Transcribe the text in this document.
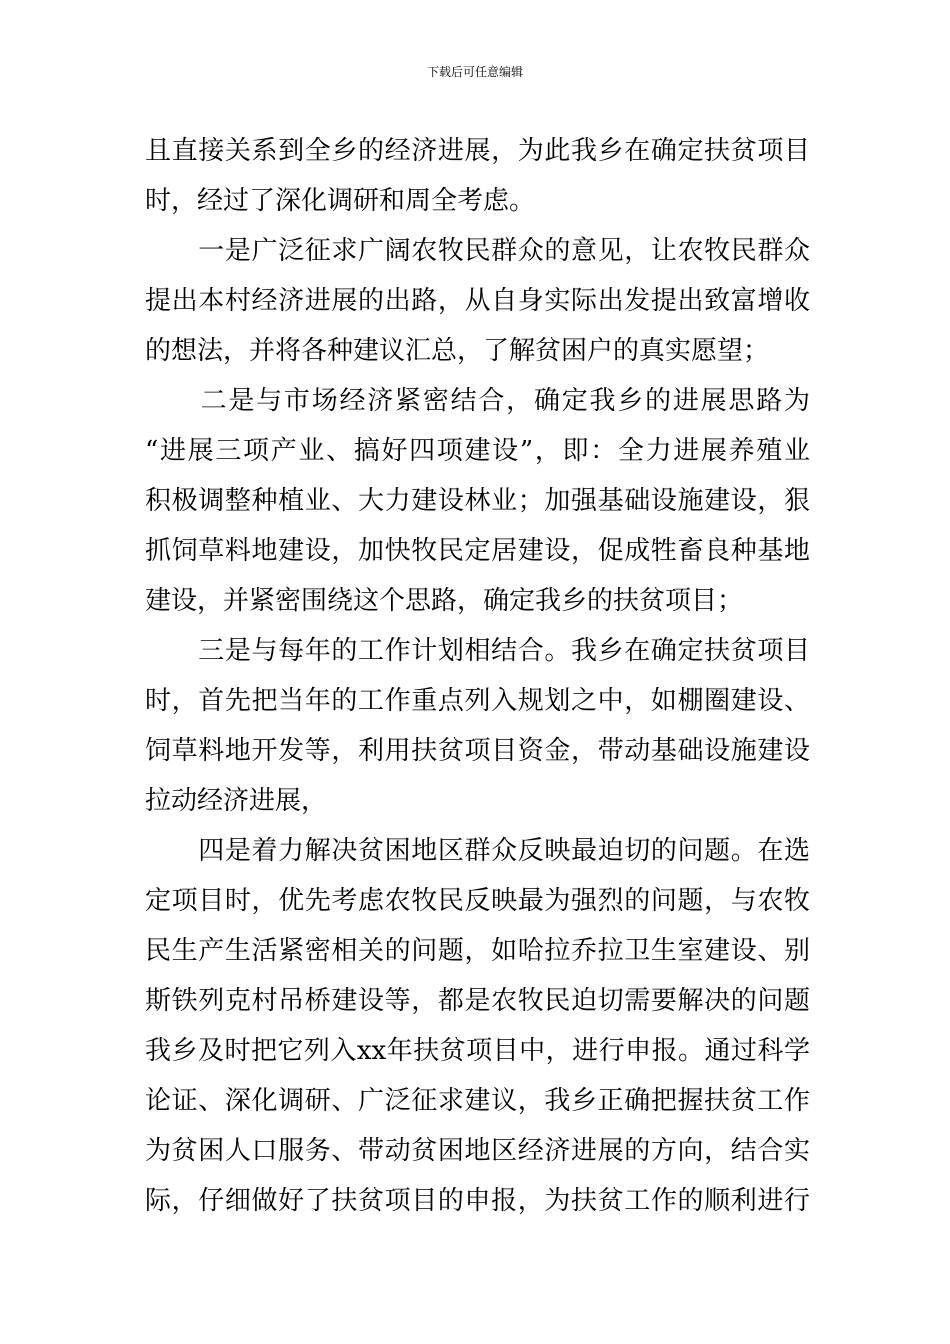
下载后可任意编辑
且直接关系到全乡的经济进展，为此我乡在确定扶贫项目
时，经过了深化调研和周全考虑。
　　一是广泛征求广阔农牧民群众的意见，让农牧民群众
提出本村经济进展的出路，从自身实际出发提出致富增收
的想法，并将各种建议汇总，了解贫困户的真实愿望；
　　二是与市场经济紧密结合，确定我乡的进展思路为
“进展三项产业、搞好四项建设”，即：全力进展养殖业
积极调整种植业、大力建设林业；加强基础设施建设，狠
抓饲草料地建设，加快牧民定居建设，促成牲畜良种基地
建设，并紧密围绕这个思路，确定我乡的扶贫项目；
　　三是与每年的工作计划相结合。我乡在确定扶贫项目
时，首先把当年的工作重点列入规划之中，如棚圈建设、
饲草料地开发等，利用扶贫项目资金，带动基础设施建设
拉动经济进展，
　　四是着力解决贫困地区群众反映最迫切的问题。在选
定项目时，优先考虑农牧民反映最为强烈的问题，与农牧
民生产生活紧密相关的问题，如哈拉乔拉卫生室建设、别
斯铁列克村吊桥建设等，都是农牧民迫切需要解决的问题
我乡及时把它列入xx年扶贫项目中，进行申报。通过科学
论证、深化调研、广泛征求建议，我乡正确把握扶贫工作
为贫困人口服务、带动贫困地区经济进展的方向，结合实
际，仔细做好了扶贫项目的申报，为扶贫工作的顺利进行
